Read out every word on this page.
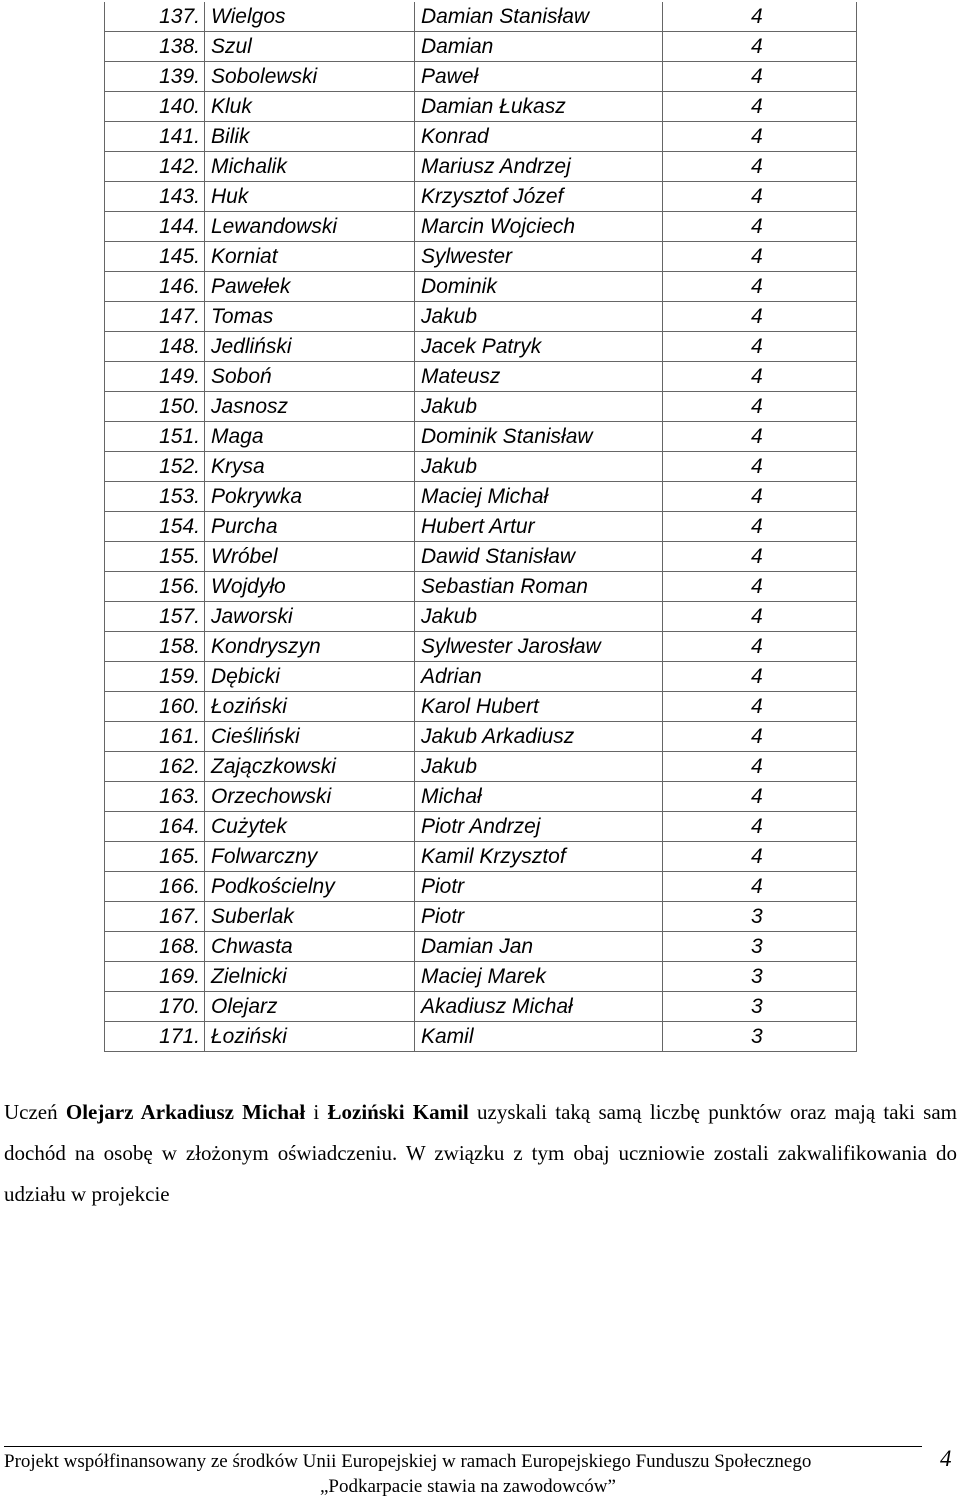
137.	Wielgos	Damian Stanisław	4
138.	Szul	Damian	4
139.	Sobolewski	Paweł	4
140.	Kluk	Damian Łukasz	4
141.	Bilik	Konrad	4
142.	Michalik	Mariusz Andrzej	4
143.	Huk	Krzysztof Józef	4
144.	Lewandowski	Marcin Wojciech	4
145.	Korniat	Sylwester	4
146.	Pawełek	Dominik	4
147.	Tomas	Jakub	4
148.	Jedliński	Jacek Patryk	4
149.	Soboń	Mateusz	4
150.	Jasnosz	Jakub	4
151.	Maga	Dominik Stanisław	4
152.	Krysa	Jakub	4
153.	Pokrywka	Maciej Michał	4
154.	Purcha	Hubert Artur	4
155.	Wróbel	Dawid Stanisław	4
156.	Wojdyło	Sebastian Roman	4
157.	Jaworski	Jakub	4
158.	Kondryszyn	Sylwester Jarosław	4
159.	Dębicki	Adrian	4
160.	Łoziński	Karol Hubert	4
161.	Cieśliński	Jakub Arkadiusz	4
162.	Zajączkowski	Jakub	4
163.	Orzechowski	Michał	4
164.	Cużytek	Piotr Andrzej	4
165.	Folwarczny	Kamil Krzysztof	4
166.	Podkościelny	Piotr	4
167.	Suberlak	Piotr	3
168.	Chwasta	Damian Jan	3
169.	Zielnicki	Maciej Marek	3
170.	Olejarz	Akadiusz Michał	3
171.	Łoziński	Kamil	3

Uczeń Olejarz Arkadiusz Michał i Łoziński Kamil uzyskali taką samą liczbę punktów oraz mają taki sam dochód na osobę w złożonym oświadczeniu. W związku z tym obaj uczniowie zostali zakwalifikowania do udziału w projekcie

Projekt współfinansowany ze środków Unii Europejskiej w ramach Europejskiego Funduszu Społecznego	4
„Podkarpacie stawia na zawodowców”
